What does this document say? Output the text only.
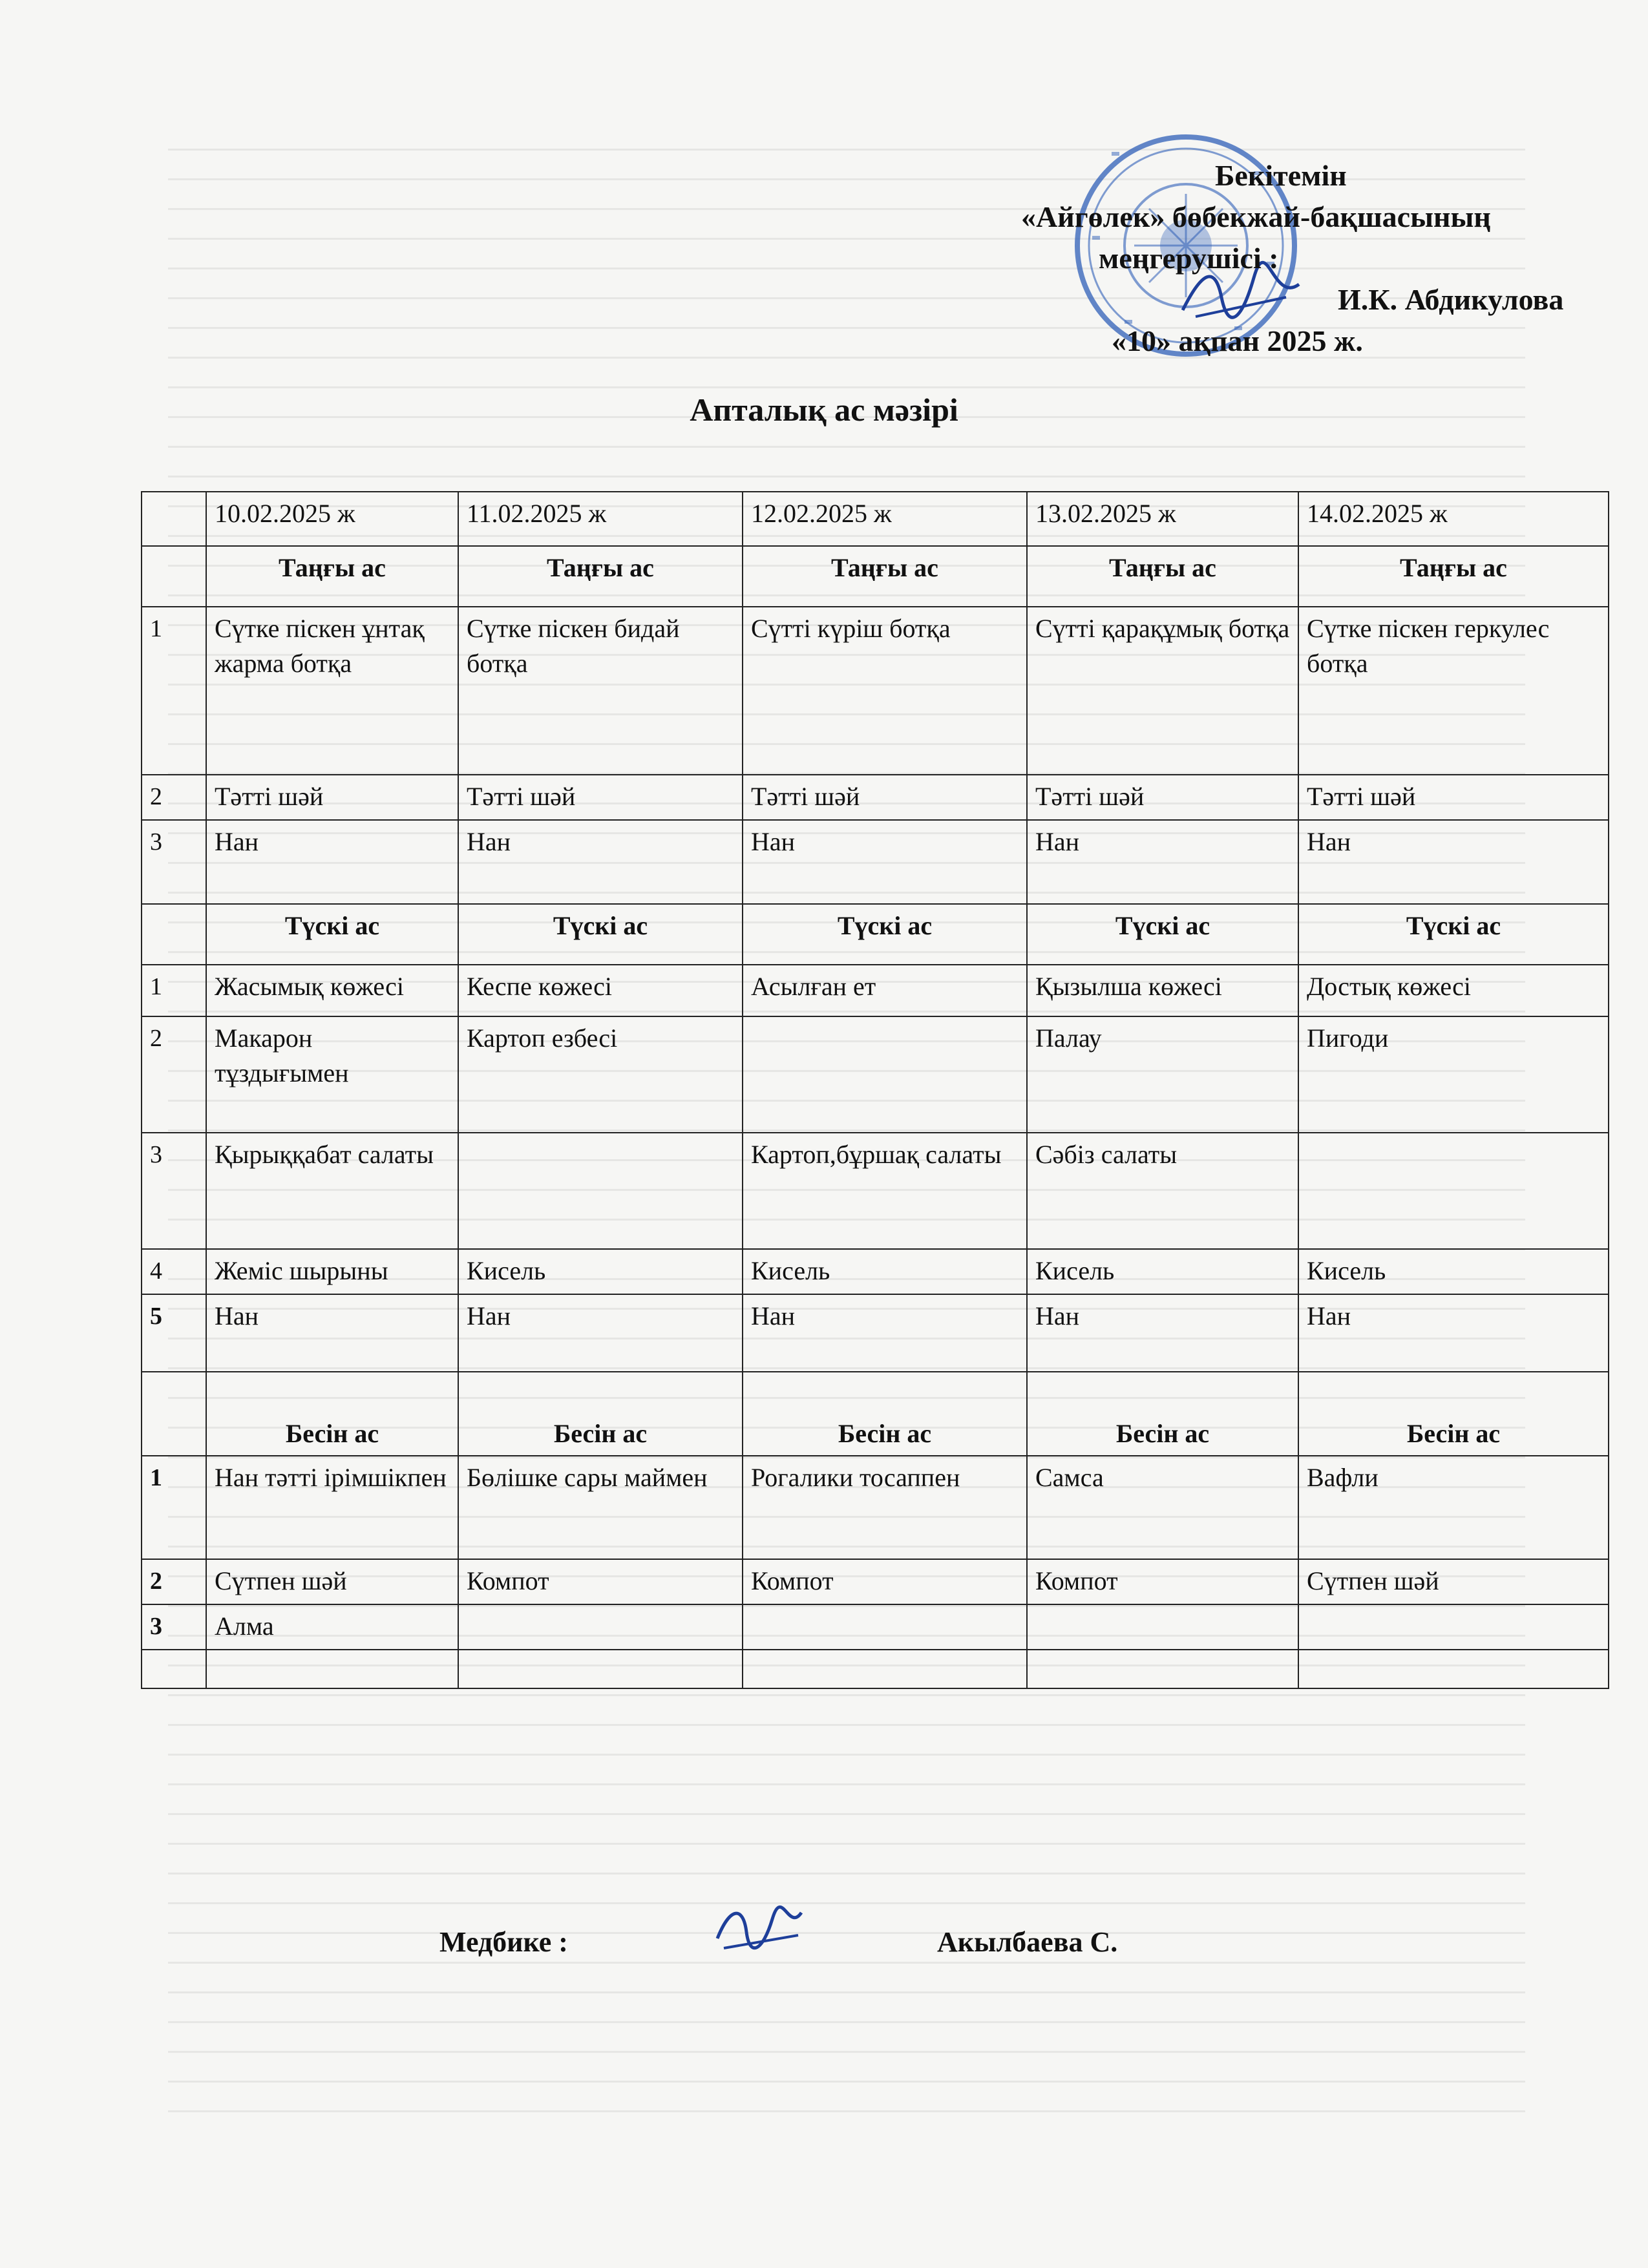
Бекітемін
«Айгөлек» бөбекжай-бақшасының
меңгерушісі :
И.К. Абдикулова
«10» ақпан 2025 ж.
Апталық ас мәзірі
	10.02.2025 ж	11.02.2025 ж	12.02.2025 ж	13.02.2025 ж	14.02.2025 ж
	Таңғы ас	Таңғы ас	Таңғы ас	Таңғы ас	Таңғы ас
1	Сүтке піскен ұнтақ жарма ботқа	Сүтке піскен бидай ботқа	Сүтті күріш ботқа	Сүтті қарақұмық ботқа	Сүтке піскен геркулес ботқа
2	Тәтті шәй	Тәтті шәй	Тәтті шәй	Тәтті шәй	Тәтті шәй
3	Нан	Нан	Нан	Нан	Нан
	Түскі ас	Түскі ас	Түскі ас	Түскі ас	Түскі ас
1	Жасымық көжесі	Кеспе көжесі	Асылған ет	Қызылша көжесі	Достық көжесі
2	Макарон тұздығымен	Картоп езбесі		Палау	Пигоди
3	Қырыққабат салаты		Картоп,бұршақ салаты	Сәбіз салаты	
4	Жеміс шырыны	Кисель	Кисель	Кисель	Кисель
5	Нан	Нан	Нан	Нан	Нан
	Бесін ас	Бесін ас	Бесін ас	Бесін ас	Бесін ас
1	Нан тәтті ірімшікпен	Бөлішке сары маймен	Рогалики тосаппен	Самса	Вафли
2	Сүтпен шәй	Компот	Компот	Компот	Сүтпен шәй
3	Алма				

Медбике :	Акылбаева С.
